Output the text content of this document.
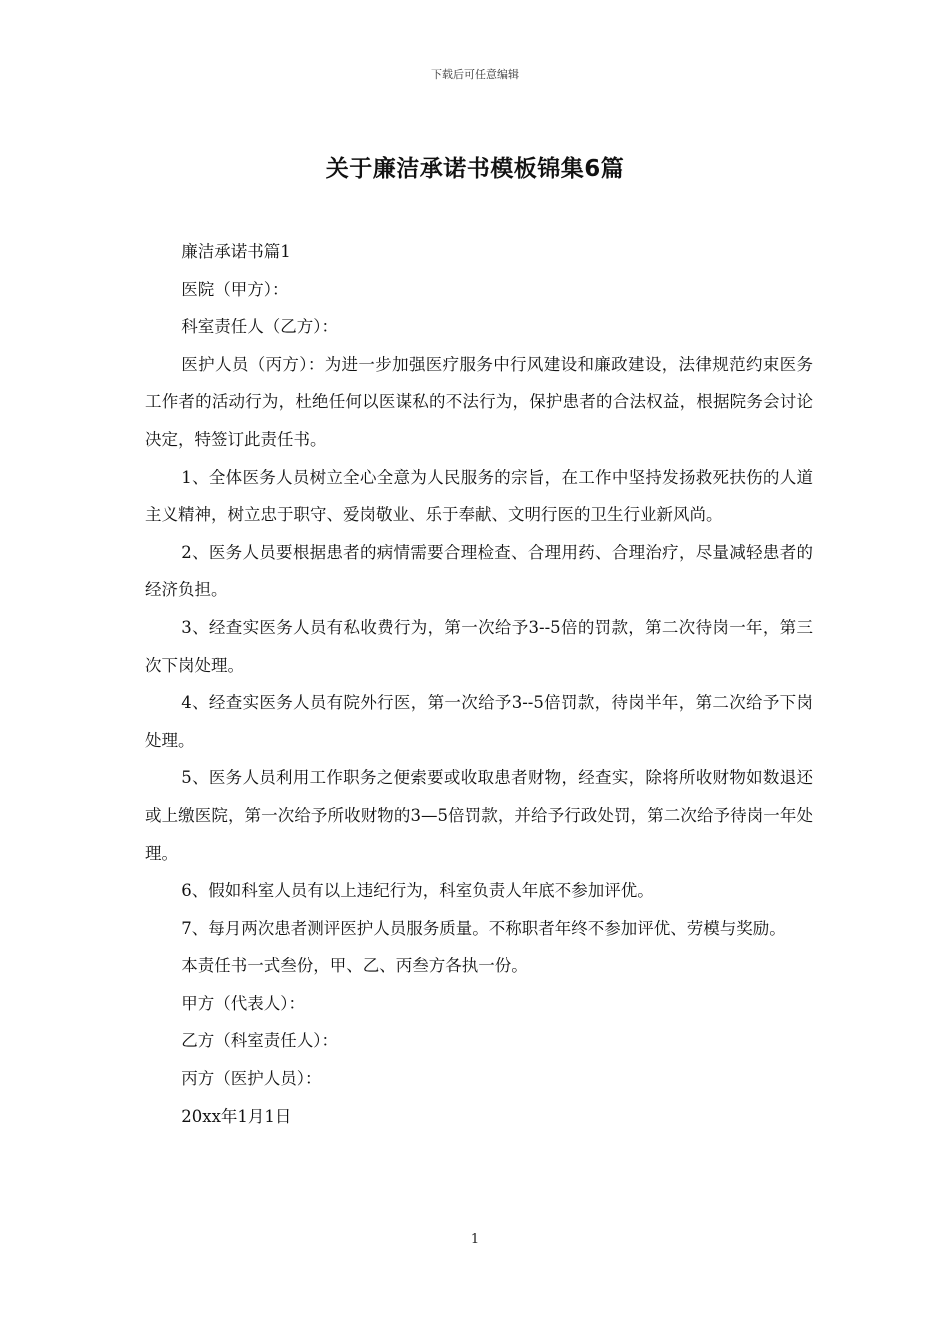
下载后可任意编辑
关于廉洁承诺书模板锦集6篇

廉洁承诺书篇1

医院（甲方）：

科室责任人（乙方）：

医护人员（丙方）：为进一步加强医疗服务中行风建设和廉政建设，法律规范约束医务工作者的活动行为，杜绝任何以医谋私的不法行为，保护患者的合法权益，根据院务会讨论决定，特签订此责任书。

1、全体医务人员树立全心全意为人民服务的宗旨，在工作中坚持发扬救死扶伤的人道主义精神，树立忠于职守、爱岗敬业、乐于奉献、文明行医的卫生行业新风尚。

2、医务人员要根据患者的病情需要合理检查、合理用药、合理治疗，尽量减轻患者的经济负担。

3、经查实医务人员有私收费行为，第一次给予3--5倍的罚款，第二次待岗一年，第三次下岗处理。

4、经查实医务人员有院外行医，第一次给予3--5倍罚款，待岗半年，第二次给予下岗处理。

5、医务人员利用工作职务之便索要或收取患者财物，经查实，除将所收财物如数退还或上缴医院，第一次给予所收财物的3—5倍罚款，并给予行政处罚，第二次给予待岗一年处理。

6、假如科室人员有以上违纪行为，科室负责人年底不参加评优。

7、每月两次患者测评医护人员服务质量。不称职者年终不参加评优、劳模与奖励。

本责任书一式叁份，甲、乙、丙叁方各执一份。

甲方（代表人）：

乙方（科室责任人）：

丙方（医护人员）：

20xx年1月1日

1
